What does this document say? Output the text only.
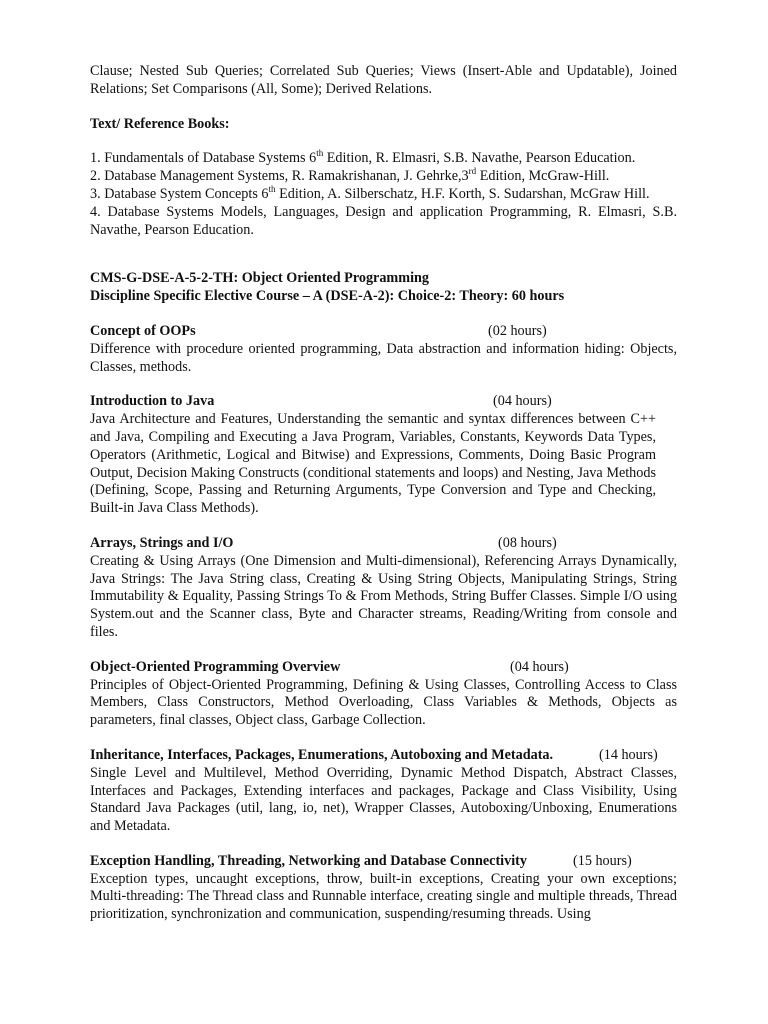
Clause; Nested Sub Queries; Correlated Sub Queries; Views (Insert-Able and Updatable), Joined Relations; Set Comparisons (All, Some); Derived Relations.

Text/ Reference Books:

1. Fundamentals of Database Systems 6th Edition, R. Elmasri, S.B. Navathe, Pearson Education.

2. Database Management Systems, R. Ramakrishanan, J. Gehrke,3rd Edition, McGraw-Hill.

3. Database System Concepts 6th Edition, A. Silberschatz, H.F. Korth, S. Sudarshan, McGraw Hill.

4. Database Systems Models, Languages, Design and application Programming, R. Elmasri, S.B. Navathe, Pearson Education.

CMS-G-DSE-A-5-2-TH: Object Oriented Programming

Discipline Specific Elective Course – A (DSE-A-2): Choice-2: Theory: 60 hours

Concept of OOPs	(02 hours)

Difference with procedure oriented programming, Data abstraction and information hiding: Objects, Classes, methods.

Introduction to Java	(04 hours)

Java Architecture and Features, Understanding the semantic and syntax differences between C++ and Java, Compiling and Executing a Java Program, Variables, Constants, Keywords Data Types, Operators (Arithmetic, Logical and Bitwise) and Expressions, Comments, Doing Basic Program Output, Decision Making Constructs (conditional statements and loops) and Nesting, Java Methods (Defining, Scope, Passing and Returning Arguments, Type Conversion and Type and Checking, Built-in Java Class Methods).

Arrays, Strings and I/O	(08 hours)

Creating & Using Arrays (One Dimension and Multi-dimensional), Referencing Arrays Dynamically, Java Strings: The Java String class, Creating & Using String Objects, Manipulating Strings, String Immutability & Equality, Passing Strings To & From Methods, String Buffer Classes. Simple I/O using System.out and the Scanner class, Byte and Character streams, Reading/Writing from console and files.

Object-Oriented Programming Overview	(04 hours)

Principles of Object-Oriented Programming, Defining & Using Classes, Controlling Access to Class Members, Class Constructors, Method Overloading, Class Variables & Methods, Objects as parameters, final classes, Object class, Garbage Collection.

Inheritance, Interfaces, Packages, Enumerations, Autoboxing and Metadata.	(14 hours)

Single Level and Multilevel, Method Overriding, Dynamic Method Dispatch, Abstract Classes, Interfaces and Packages, Extending interfaces and packages, Package and Class Visibility, Using Standard Java Packages (util, lang, io, net), Wrapper Classes, Autoboxing/Unboxing, Enumerations and Metadata.

Exception Handling, Threading, Networking and Database Connectivity	(15 hours)

Exception types, uncaught exceptions, throw, built-in exceptions, Creating your own exceptions; Multi-threading: The Thread class and Runnable interface, creating single and multiple threads, Thread prioritization, synchronization and communication, suspending/resuming threads. Using
